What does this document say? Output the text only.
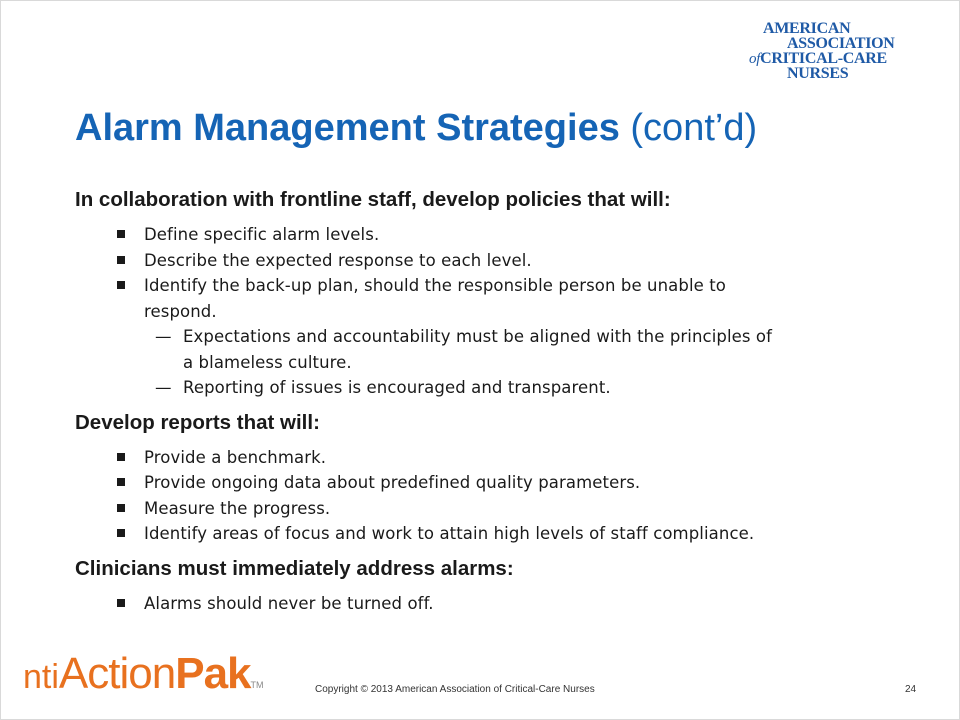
AMERICAN
ASSOCIATION
ofCRITICAL-CARE
NURSES
Alarm Management Strategies (cont’d)

In collaboration with frontline staff, develop policies that will:

Define specific alarm levels.
Describe the expected response to each level.
Identify the back-up plan, should the responsible person be unable to
respond.
— Expectations and accountability must be aligned with the principles of
a blameless culture.
— Reporting of issues is encouraged and transparent.

Develop reports that will:

Provide a benchmark.
Provide ongoing data about predefined quality parameters.
Measure the progress.
Identify areas of focus and work to attain high levels of staff compliance.

Clinicians must immediately address alarms:

Alarms should never be turned off.
ntiActionPakTM	Copyright © 2013 American Association of Critical-Care Nurses	24
